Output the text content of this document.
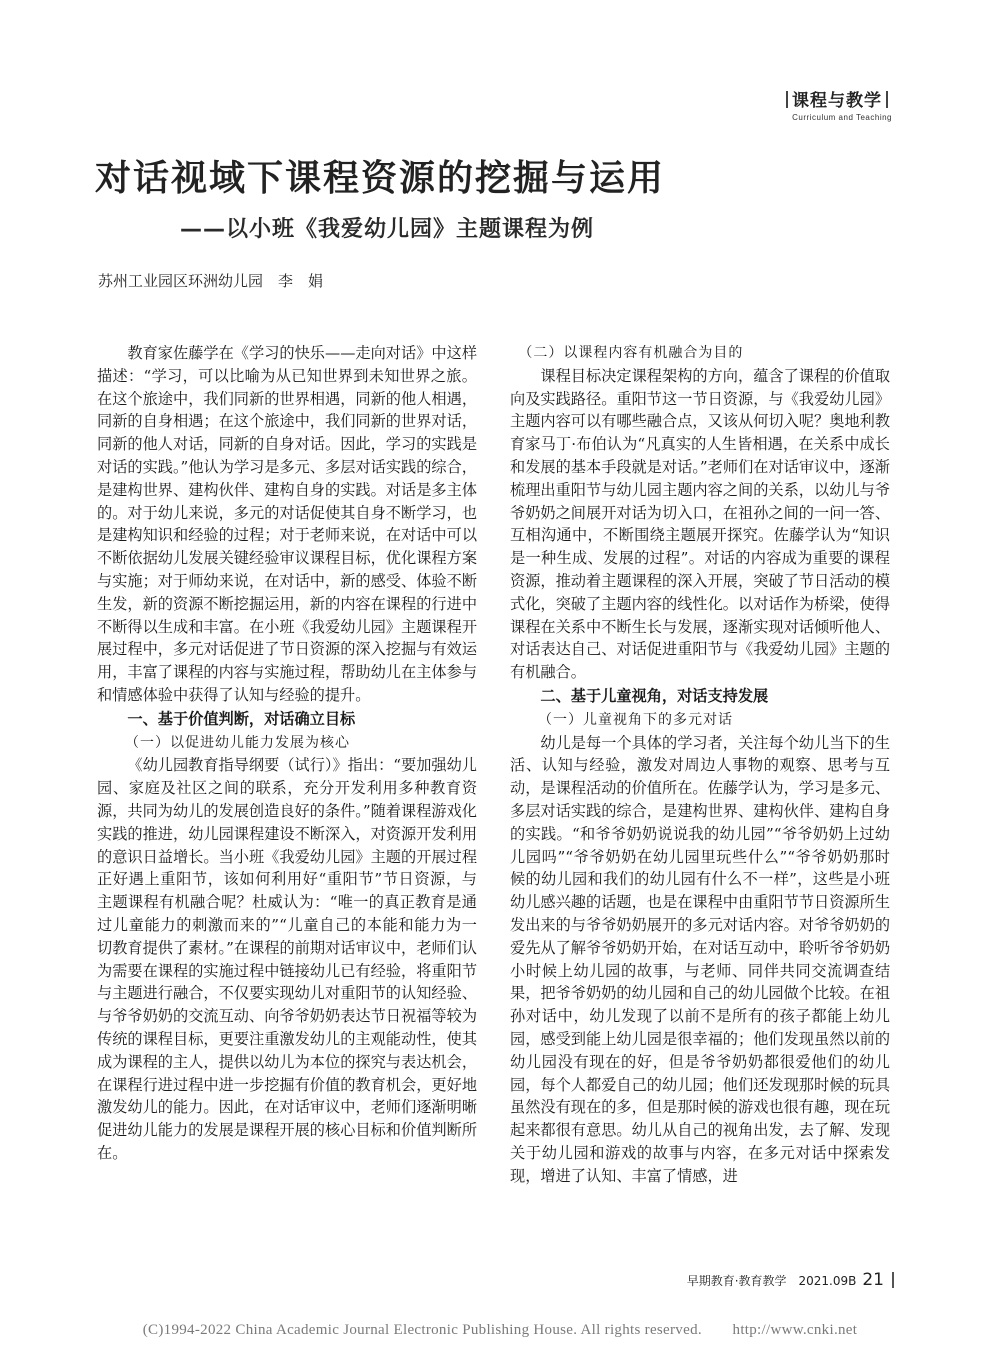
课程与教学
Curriculum and Teaching
对话视域下课程资源的挖掘与运用
——以小班《我爱幼儿园》主题课程为例
苏州工业园区环洲幼儿园　李　娟

教育家佐藤学在《学习的快乐——走向对话》中这样描述：“学习，可以比喻为从已知世界到未知世界之旅。在这个旅途中，我们同新的世界相遇，同新的他人相遇，同新的自身相遇；在这个旅途中，我们同新的世界对话，同新的他人对话，同新的自身对话。因此，学习的实践是对话的实践。”他认为学习是多元、多层对话实践的综合，是建构世界、建构伙伴、建构自身的实践。对话是多主体的。对于幼儿来说，多元的对话促使其自身不断学习，也是建构知识和经验的过程；对于老师来说，在对话中可以不断依据幼儿发展关键经验审议课程目标，优化课程方案与实施；对于师幼来说，在对话中，新的感受、体验不断生发，新的资源不断挖掘运用，新的内容在课程的行进中不断得以生成和丰富。在小班《我爱幼儿园》主题课程开展过程中，多元对话促进了节日资源的深入挖掘与有效运用，丰富了课程的内容与实施过程，帮助幼儿在主体参与和情感体验中获得了认知与经验的提升。

一、基于价值判断，对话确立目标
（一）以促进幼儿能力发展为核心

《幼儿园教育指导纲要（试行）》指出：“要加强幼儿园、家庭及社区之间的联系，充分开发利用多种教育资源，共同为幼儿的发展创造良好的条件。”随着课程游戏化实践的推进，幼儿园课程建设不断深入，对资源开发利用的意识日益增长。当小班《我爱幼儿园》主题的开展过程正好遇上重阳节，该如何利用好“重阳节”节日资源，与主题课程有机融合呢？杜威认为：“唯一的真正教育是通过儿童能力的刺激而来的”“儿童自己的本能和能力为一切教育提供了素材。”在课程的前期对话审议中，老师们认为需要在课程的实施过程中链接幼儿已有经验，将重阳节与主题进行融合，不仅要实现幼儿对重阳节的认知经验、与爷爷奶奶的交流互动、向爷爷奶奶表达节日祝福等较为传统的课程目标，更要注重激发幼儿的主观能动性，使其成为课程的主人，提供以幼儿为本位的探究与表达机会，在课程行进过程中进一步挖掘有价值的教育机会，更好地激发幼儿的能力。因此，在对话审议中，老师们逐渐明晰促进幼儿能力的发展是课程开展的核心目标和价值判断所在。

（二）以课程内容有机融合为目的

课程目标决定课程架构的方向，蕴含了课程的价值取向及实践路径。重阳节这一节日资源，与《我爱幼儿园》主题内容可以有哪些融合点，又该从何切入呢？奥地利教育家马丁·布伯认为“凡真实的人生皆相遇，在关系中成长和发展的基本手段就是对话。”老师们在对话审议中，逐渐梳理出重阳节与幼儿园主题内容之间的关系，以幼儿与爷爷奶奶之间展开对话为切入口，在祖孙之间的一问一答、互相沟通中，不断围绕主题展开探究。佐藤学认为“知识是一种生成、发展的过程”。对话的内容成为重要的课程资源，推动着主题课程的深入开展，突破了节日活动的模式化，突破了主题内容的线性化。以对话作为桥梁，使得课程在关系中不断生长与发展，逐渐实现对话倾听他人、对话表达自己、对话促进重阳节与《我爱幼儿园》主题的有机融合。

二、基于儿童视角，对话支持发展
（一）儿童视角下的多元对话

幼儿是每一个具体的学习者，关注每个幼儿当下的生活、认知与经验，激发对周边人事物的观察、思考与互动，是课程活动的价值所在。佐藤学认为，学习是多元、多层对话实践的综合，是建构世界、建构伙伴、建构自身的实践。“和爷爷奶奶说说我的幼儿园”“爷爷奶奶上过幼儿园吗”“爷爷奶奶在幼儿园里玩些什么”“爷爷奶奶那时候的幼儿园和我们的幼儿园有什么不一样”，这些是小班幼儿感兴趣的话题，也是在课程中由重阳节节日资源所生发出来的与爷爷奶奶展开的多元对话内容。对爷爷奶奶的爱先从了解爷爷奶奶开始，在对话互动中，聆听爷爷奶奶小时候上幼儿园的故事，与老师、同伴共同交流调查结果，把爷爷奶奶的幼儿园和自己的幼儿园做个比较。在祖孙对话中，幼儿发现了以前不是所有的孩子都能上幼儿园，感受到能上幼儿园是很幸福的；他们发现虽然以前的幼儿园没有现在的好，但是爷爷奶奶都很爱他们的幼儿园，每个人都爱自己的幼儿园；他们还发现那时候的玩具虽然没有现在的多，但是那时候的游戏也很有趣，现在玩起来都很有意思。幼儿从自己的视角出发，去了解、发现关于幼儿园和游戏的故事与内容，在多元对话中探索发现，增进了认知、丰富了情感，进

早期教育·教育教学　2021.09B 21
(C)1994-2022 China Academic Journal Electronic Publishing House. All rights reserved.　　http://www.cnki.net
